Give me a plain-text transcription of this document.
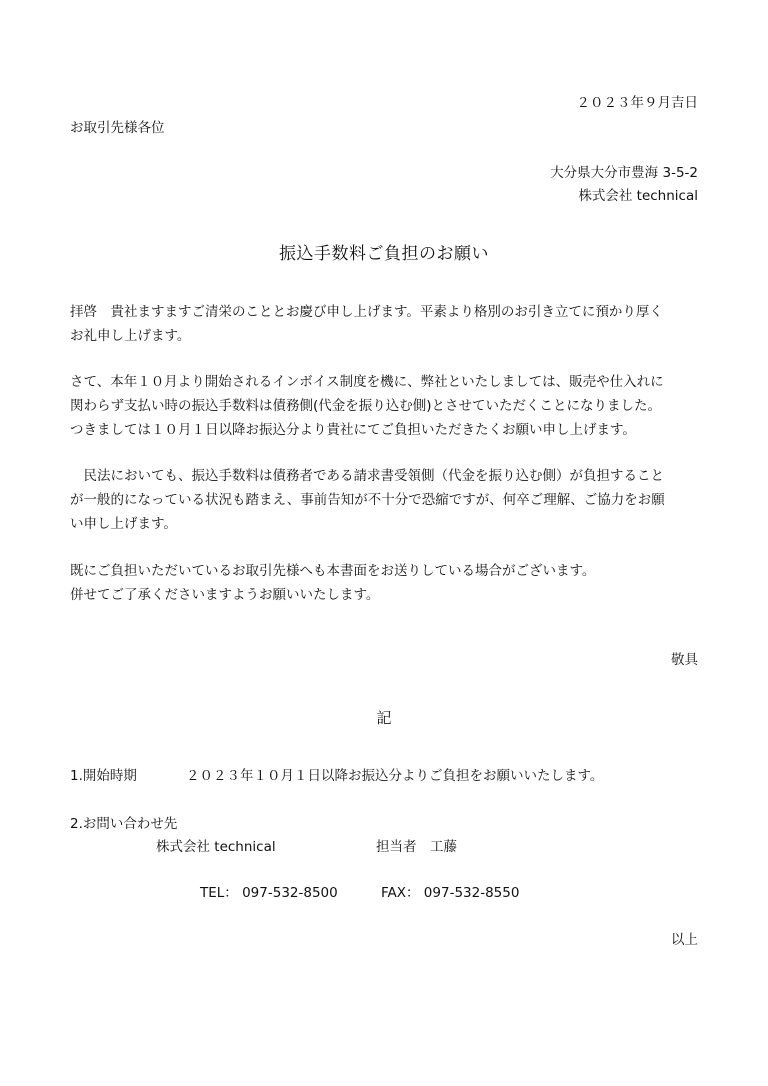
２０２３年９月吉日
お取引先様各位
大分県大分市豊海 3-5-2
株式会社 technical
振込手数料ご負担のお願い
拝啓　貴社ますますご清栄のこととお慶び申し上げます。平素より格別のお引き立てに預かり厚く
お礼申し上げます。
さて、本年１０月より開始されるインボイス制度を機に、弊社といたしましては、販売や仕入れに
関わらず支払い時の振込手数料は債務側(代金を振り込む側)とさせていただくことになりました。
つきましては１０月１日以降お振込分より貴社にてご負担いただきたくお願い申し上げます。
　民法においても、振込手数料は債務者である請求書受領側（代金を振り込む側）が負担すること
が一般的になっている状況も踏まえ、事前告知が不十分で恐縮ですが、何卒ご理解、ご協力をお願
い申し上げます。
既にご負担いただいているお取引先様へも本書面をお送りしている場合がございます。
併せてご了承くださいますようお願いいたします。
敬具
記
1.開始時期	２０２３年１０月１日以降お振込分よりご負担をお願いいたします。
2.お問い合わせ先
株式会社 technical	担当者　工藤
TEL： 097-532-8500	FAX： 097-532-8550
以上
